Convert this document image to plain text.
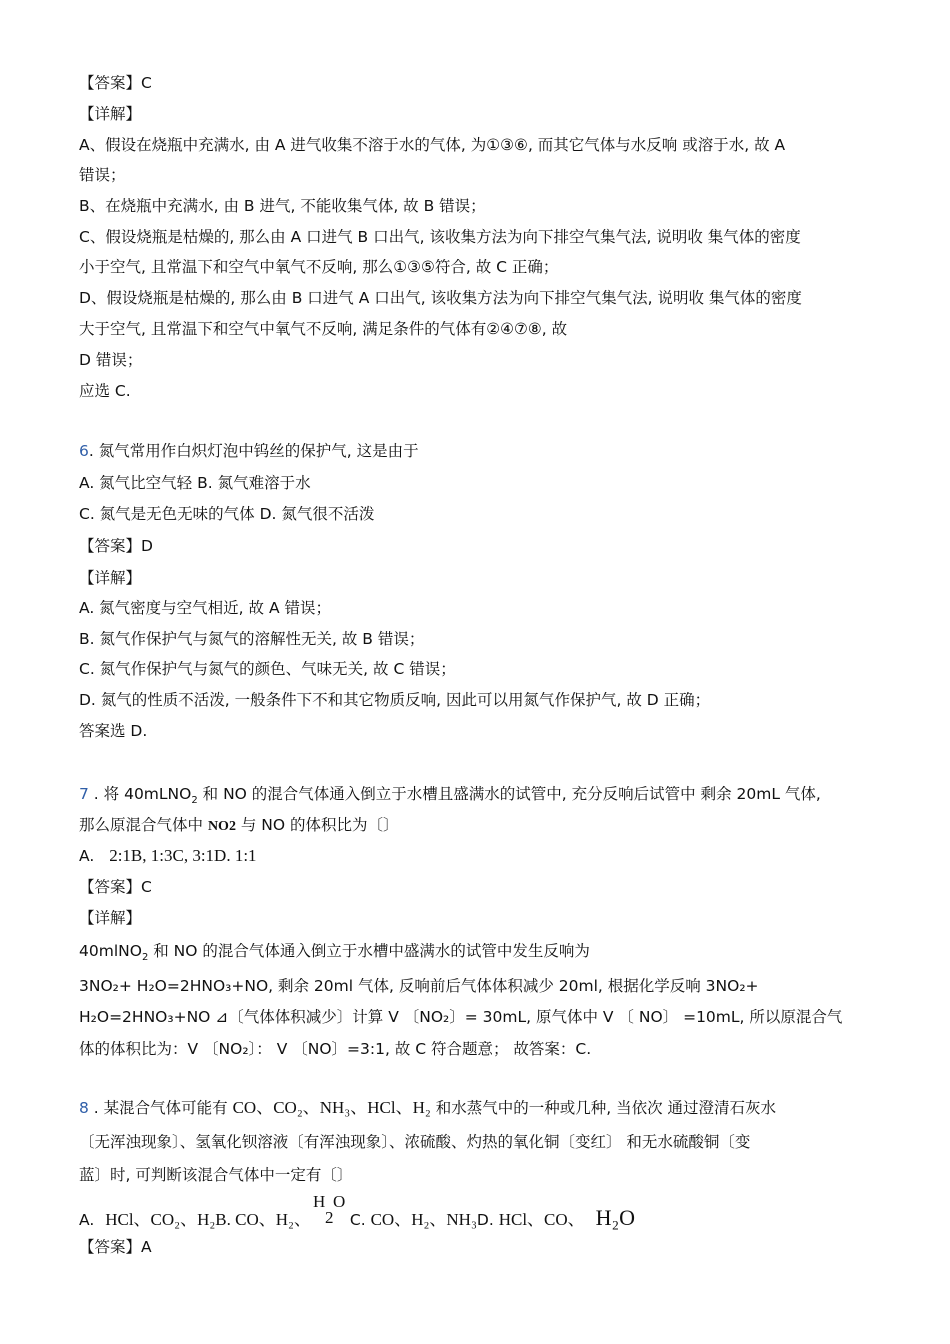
【答案】C
【详解】
A、假设在烧瓶中充满水, 由 A 进气收集不溶于水的气体, 为①③⑥, 而其它气体与水反响 或溶于水, 故 A
错误；
B、在烧瓶中充满水, 由 B 进气, 不能收集气体, 故 B 错误；
C、假设烧瓶是枯燥的, 那么由 A 口进气 B 口出气, 该收集方法为向下排空气集气法, 说明收 集气体的密度
小于空气, 且常温下和空气中氧气不反响, 那么①③⑤符合, 故 C 正确；
D、假设烧瓶是枯燥的, 那么由 B 口进气 A 口出气, 该收集方法为向下排空气集气法, 说明收 集气体的密度
大于空气, 且常温下和空气中氧气不反响, 满足条件的气体有②④⑦⑧, 故
D 错误；
应选 C.
6. 氮气常用作白炽灯泡中钨丝的保护气, 这是由于
A. 氮气比空气轻 B. 氮气难溶于水
C. 氮气是无色无味的气体 D. 氮气很不活泼
【答案】D
【详解】
A. 氮气密度与空气相近, 故 A 错误；
B. 氮气作保护气与氮气的溶解性无关, 故 B 错误；
C. 氮气作保护气与氮气的颜色、气味无关, 故 C 错误；
D. 氮气的性质不活泼, 一般条件下不和其它物质反响, 因此可以用氮气作保护气, 故 D 正确；
答案选 D.
7 . 将 40mLNO$_2$ 和 NO 的混合气体通入倒立于水槽且盛满水的试管中, 充分反响后试管中 剩余 20mL 气体,
那么原混合气体中 NO2 与 NO 的体积比为〔〕
A. 2:1B, 1:3C, 3:1D. 1:1
【答案】C
【详解】
40mlNO$_2$ 和 NO 的混合气体通入倒立于水槽中盛满水的试管中发生反响为
3NO₂+ H₂O=2HNO₃+NO, 剩余 20ml 气体, 反响前后气体体积减少 20ml, 根据化学反响 3NO₂+
H₂O=2HNO₃+NO ⊿〔气体体积减少〕计算 V 〔NO₂〕= 30mL, 原气体中 V 〔 NO〕 =10mL, 所以原混合气
体的体积比为：V 〔NO₂〕： V 〔NO〕=3:1, 故 C 符合题意； 故答案：C.
8 . 某混合气体可能有 CO、CO₂、NH₃、HCl、H₂ 和水蒸气中的一种或几种, 当依次 通过澄清石灰水
〔无浑浊现象〕、氢氧化钡溶液〔有浑浊现象〕、浓硫酸、灼热的氧化铜〔变红〕 和无水硫酸铜〔变
蓝〕时, 可判断该混合气体中一定有〔〕
A. HCl、CO₂、H₂B. CO、H₂、
H O
2 C. CO、H₂、NH₃D. HCl、CO、 H₂O
【答案】A
